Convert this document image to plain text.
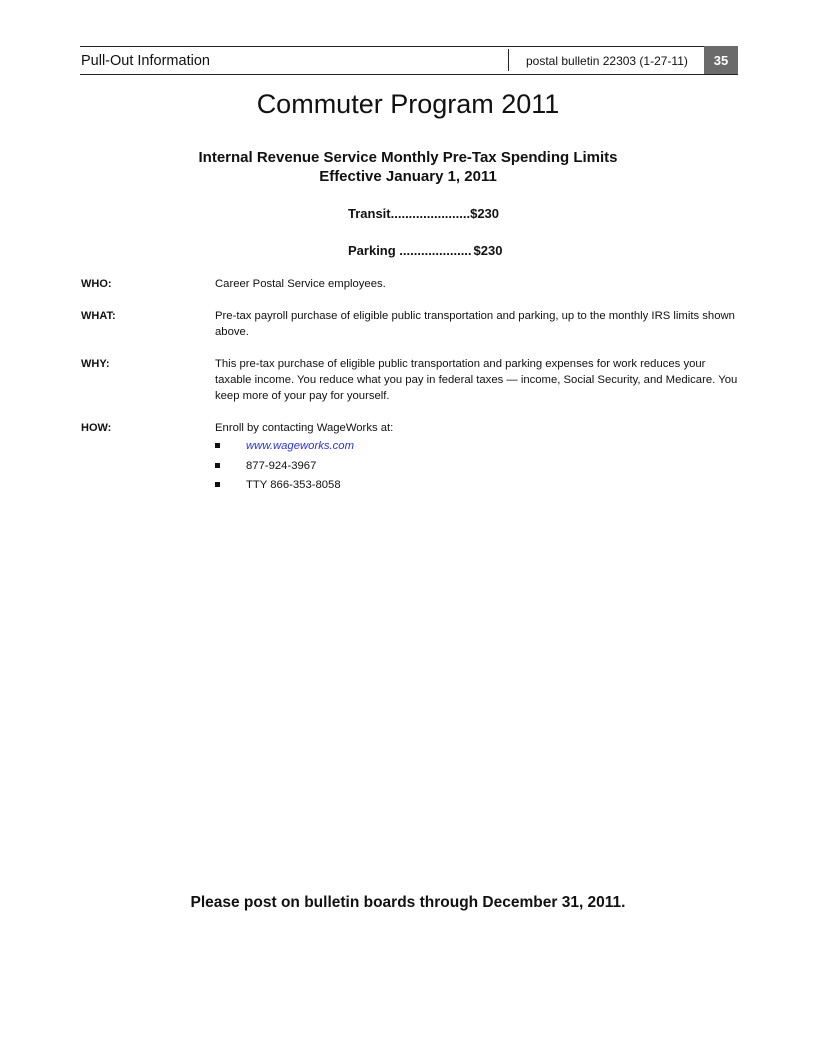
Pull-Out Information	postal bulletin 22303 (1-27-11) 35
Commuter Program 2011
Internal Revenue Service Monthly Pre-Tax Spending Limits
Effective January 1, 2011
Transit ...................... $230
Parking .................... $230
WHO:	Career Postal Service employees.
WHAT:	Pre-tax payroll purchase of eligible public transportation and parking, up to the monthly IRS limits shown above.
WHY:	This pre-tax purchase of eligible public transportation and parking expenses for work reduces your taxable income. You reduce what you pay in federal taxes — income, Social Security, and Medicare. You keep more of your pay for yourself.
HOW:	Enroll by contacting WageWorks at:
www.wageworks.com
877-924-3967
TTY 866-353-8058
Please post on bulletin boards through December 31, 2011.
